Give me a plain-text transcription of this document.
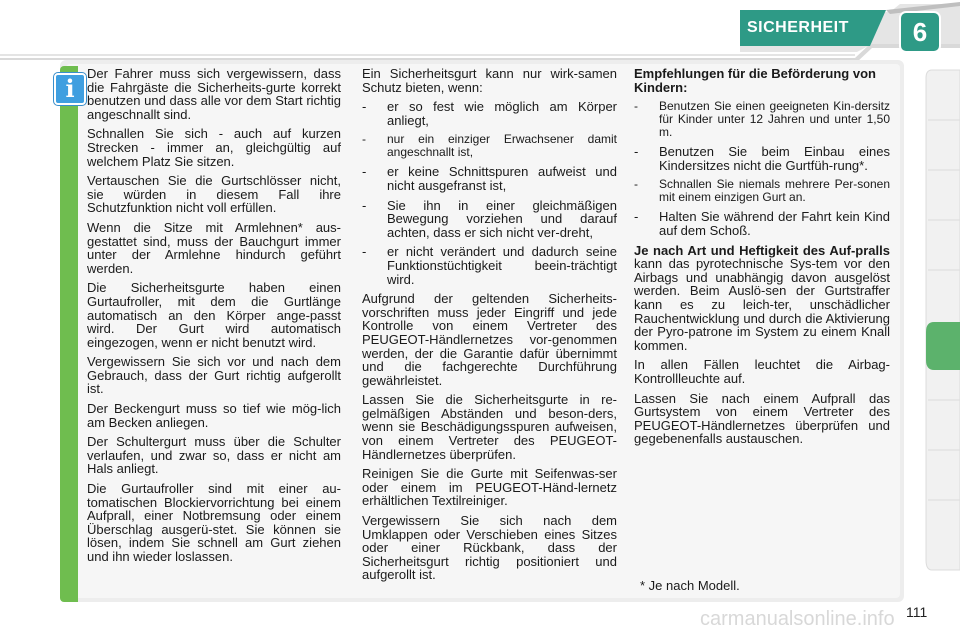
SICHERHEIT	6
i

Der Fahrer muss sich vergewissern, dass die Fahrgäste die Sicherheits-gurte korrekt benutzen und dass alle vor dem Start richtig angeschnallt sind.

Schnallen Sie sich - auch auf kurzen Strecken - immer an, gleichgültig auf welchem Platz Sie sitzen.

Vertauschen Sie die Gurtschlösser nicht, sie würden in diesem Fall ihre Schutzfunktion nicht voll erfüllen.

Wenn die Sitze mit Armlehnen* aus-gestattet sind, muss der Bauchgurt immer unter der Armlehne hindurch geführt werden.

Die Sicherheitsgurte haben einen Gurtaufroller, mit dem die Gurtlänge automatisch an den Körper ange-passt wird. Der Gurt wird automatisch eingezogen, wenn er nicht benutzt wird.

Vergewissern Sie sich vor und nach dem Gebrauch, dass der Gurt richtig aufgerollt ist.

Der Beckengurt muss so tief wie mög-lich am Becken anliegen.

Der Schultergurt muss über die Schulter verlaufen, und zwar so, dass er nicht am Hals anliegt.

Die Gurtaufroller sind mit einer au-tomatischen Blockiervorrichtung bei einem Aufprall, einer Notbremsung oder einem Überschlag ausgerü-stet. Sie können sie lösen, indem Sie schnell am Gurt ziehen und ihn wieder loslassen.

Ein Sicherheitsgurt kann nur wirk-samen Schutz bieten, wenn:

- er so fest wie möglich am Körper anliegt,
- nur ein einziger Erwachsener damit angeschnallt ist,
- er keine Schnittspuren aufweist und nicht ausgefranst ist,
- Sie ihn in einer gleichmäßigen Bewegung vorziehen und darauf achten, dass er sich nicht ver-dreht,
- er nicht verändert und dadurch seine Funktionstüchtigkeit beein-trächtigt wird.

Aufgrund der geltenden Sicherheits-vorschriften muss jeder Eingriff und jede Kontrolle von einem Vertreter des PEUGEOT-Händlernetzes vor-genommen werden, der die Garantie dafür übernimmt und die fachgerechte Durchführung gewährleistet.

Lassen Sie die Sicherheitsgurte in re-gelmäßigen Abständen und beson-ders, wenn sie Beschädigungsspuren aufweisen, von einem Vertreter des PEUGEOT-Händlernetzes überprüfen.

Reinigen Sie die Gurte mit Seifenwas-ser oder einem im PEUGEOT-Händ-lernetz erhältlichen Textilreiniger.

Vergewissern Sie sich nach dem Umklappen oder Verschieben eines Sitzes oder einer Rückbank, dass der Sicherheitsgurt richtig positioniert und aufgerollt ist.

Empfehlungen für die Beförderung von Kindern:

- Benutzen Sie einen geeigneten Kin-dersitz für Kinder unter 12 Jahren und unter 1,50 m.
- Benutzen Sie beim Einbau eines Kindersitzes nicht die Gurtfüh-rung*.
- Schnallen Sie niemals mehrere Per-sonen mit einem einzigen Gurt an.
- Halten Sie während der Fahrt kein Kind auf dem Schoß.

Je nach Art und Heftigkeit des Auf-pralls kann das pyrotechnische Sys-tem vor den Airbags und unabhängig davon ausgelöst werden. Beim Auslö-sen der Gurtstraffer kann es zu leich-ter, unschädlicher Rauchentwicklung und durch die Aktivierung der Pyro-patrone im System zu einem Knall kommen.

In allen Fällen leuchtet die Airbag-Kontrollleuchte auf.

Lassen Sie nach einem Aufprall das Gurtsystem von einem Vertreter des PEUGEOT-Händlernetzes überprüfen und gegebenenfalls austauschen.

* Je nach Modell.
carmanualsonline.info 111
